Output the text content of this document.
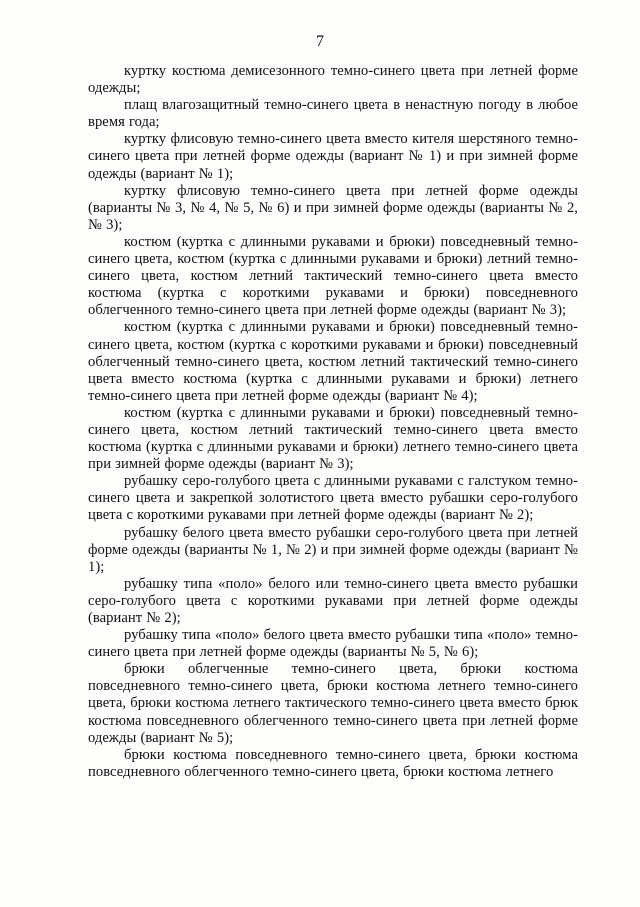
7

куртку костюма демисезонного темно-синего цвета при летней форме одежды;

плащ влагозащитный темно-синего цвета в ненастную погоду в любое время года;

куртку флисовую темно-синего цвета вместо кителя шерстяного темно-синего цвета при летней форме одежды (вариант № 1) и при зимней форме одежды (вариант № 1);

куртку флисовую темно-синего цвета при летней форме одежды (варианты № 3, № 4, № 5, № 6) и при зимней форме одежды (варианты № 2, № 3);

костюм (куртка с длинными рукавами и брюки) повседневный темно-синего цвета, костюм (куртка с длинными рукавами и брюки) летний темно-синего цвета, костюм летний тактический темно-синего цвета вместо костюма (куртка с короткими рукавами и брюки) повседневного облегченного темно-синего цвета при летней форме одежды (вариант № 3);

костюм (куртка с длинными рукавами и брюки) повседневный темно-синего цвета, костюм (куртка с короткими рукавами и брюки) повседневный облегченный темно-синего цвета, костюм летний тактический темно-синего цвета вместо костюма (куртка с длинными рукавами и брюки) летнего темно-синего цвета при летней форме одежды (вариант № 4);

костюм (куртка с длинными рукавами и брюки) повседневный темно-синего цвета, костюм летний тактический темно-синего цвета вместо костюма (куртка с длинными рукавами и брюки) летнего темно-синего цвета при зимней форме одежды (вариант № 3);

рубашку серо-голубого цвета с длинными рукавами с галстуком темно-синего цвета и закрепкой золотистого цвета вместо рубашки серо-голубого цвета с короткими рукавами при летней форме одежды (вариант № 2);

рубашку белого цвета вместо рубашки серо-голубого цвета при летней форме одежды (варианты № 1, № 2) и при зимней форме одежды (вариант № 1);

рубашку типа «поло» белого или темно-синего цвета вместо рубашки серо-голубого цвета с короткими рукавами при летней форме одежды (вариант № 2);

рубашку типа «поло» белого цвета вместо рубашки типа «поло» темно-синего цвета при летней форме одежды (варианты № 5, № 6);

брюки облегченные темно-синего цвета, брюки костюма повседневного темно-синего цвета, брюки костюма летнего темно-синего цвета, брюки костюма летнего тактического темно-синего цвета вместо брюк костюма повседневного облегченного темно-синего цвета при летней форме одежды (вариант № 5);

брюки костюма повседневного темно-синего цвета, брюки костюма повседневного облегченного темно-синего цвета, брюки костюма летнего
